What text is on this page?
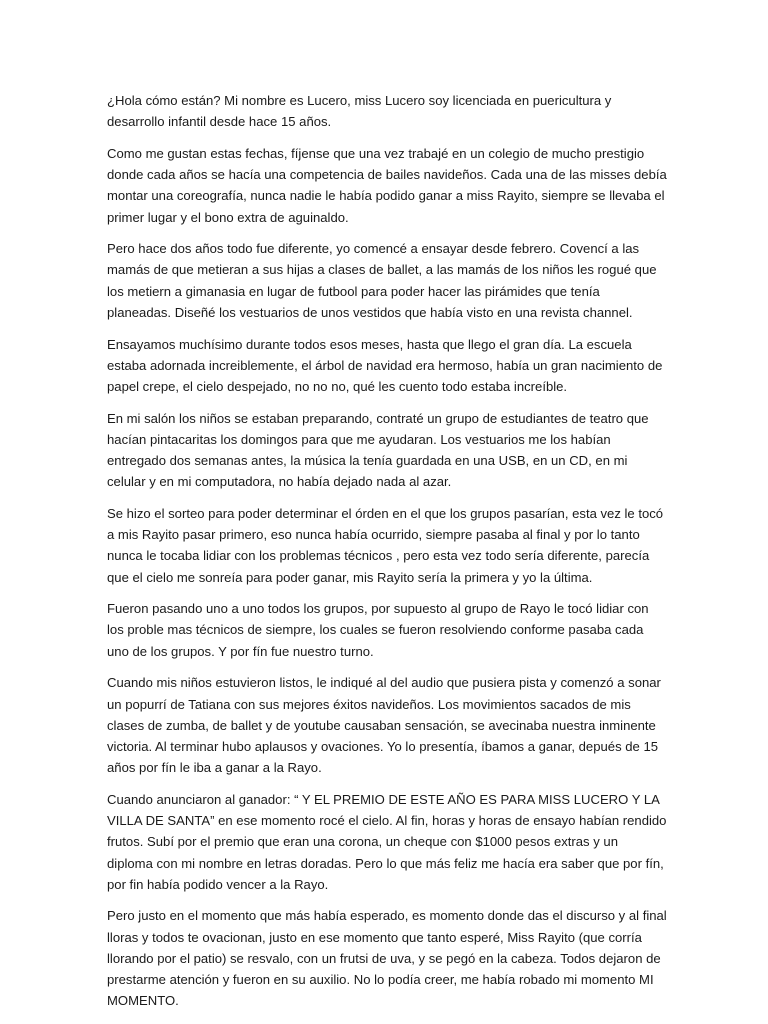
¿Hola cómo están? Mi nombre es Lucero, miss Lucero soy licenciada en puericultura y desarrollo infantil desde hace 15 años.

Como me gustan estas fechas, fíjense que una vez trabajé en un colegio de mucho prestigio donde cada años se hacía una competencia de bailes navideños. Cada una de las misses debía montar una coreografía, nunca nadie le había podido ganar a miss Rayito, siempre se llevaba el primer lugar y el bono extra de aguinaldo.

Pero hace dos años todo fue diferente, yo comencé a ensayar desde febrero. Covencí a las mamás de que metieran a sus hijas a clases de ballet, a las mamás de los niños les rogué que los metiern a gimanasia en lugar de futbool para poder hacer las pirámides que tenía planeadas. Diseñé los vestuarios de unos vestidos que había visto en una revista channel.

Ensayamos muchísimo durante todos esos meses, hasta que llego el gran día. La escuela estaba adornada increiblemente, el árbol de navidad era hermoso, había un gran nacimiento de papel crepe, el cielo despejado, no no no, qué les cuento todo estaba increíble.

En mi salón los niños se estaban preparando, contraté un grupo de estudiantes de teatro que hacían pintacaritas los domingos para que me ayudaran. Los vestuarios me los habían entregado dos semanas antes, la música la tenía guardada en una USB, en un CD, en mi celular y en mi computadora, no había dejado nada al azar.

Se hizo el sorteo para poder determinar el órden en el que los grupos pasarían, esta vez le tocó a mis Rayito pasar primero, eso nunca había ocurrido, siempre pasaba al final y por lo tanto nunca le tocaba lidiar con los problemas técnicos , pero esta vez todo sería diferente, parecía que el cielo me sonreía para poder ganar, mis Rayito sería la primera y yo la última.

Fueron pasando uno a uno todos los grupos, por supuesto al grupo de Rayo le tocó lidiar con los proble mas técnicos de siempre, los cuales se fueron resolviendo conforme pasaba cada uno de los grupos. Y por fín fue nuestro turno.

Cuando mis niños estuvieron listos, le indiqué al del audio que pusiera pista y comenzó a sonar un popurrí de Tatiana con sus mejores éxitos navideños. Los movimientos sacados de mis clases de zumba, de ballet y de youtube causaban sensación, se avecinaba nuestra inminente victoria. Al terminar hubo aplausos y ovaciones. Yo lo presentía, íbamos a ganar, depués de 15 años por fín le iba a ganar a la Rayo.

Cuando anunciaron al ganador: “ Y EL PREMIO DE ESTE AÑO ES PARA MISS LUCERO Y LA VILLA DE SANTA” en ese momento rocé el cielo. Al fin, horas y horas de ensayo habían rendido frutos. Subí por el premio que eran una corona, un cheque con $1000 pesos extras y un diploma con mi nombre en letras doradas. Pero lo que más feliz me hacía era saber que por fín, por fin había podido vencer a la Rayo.

Pero justo en el momento que más había esperado, es momento donde das el discurso y al final lloras y todos te ovacionan, justo en ese momento que tanto esperé, Miss Rayito (que corría llorando por el patio) se resvalo, con un frutsi de uva, y se pegó en la cabeza. Todos dejaron de prestarme atención y fueron en su auxilio. No lo podía creer, me había robado mi momento MI MOMENTO.
